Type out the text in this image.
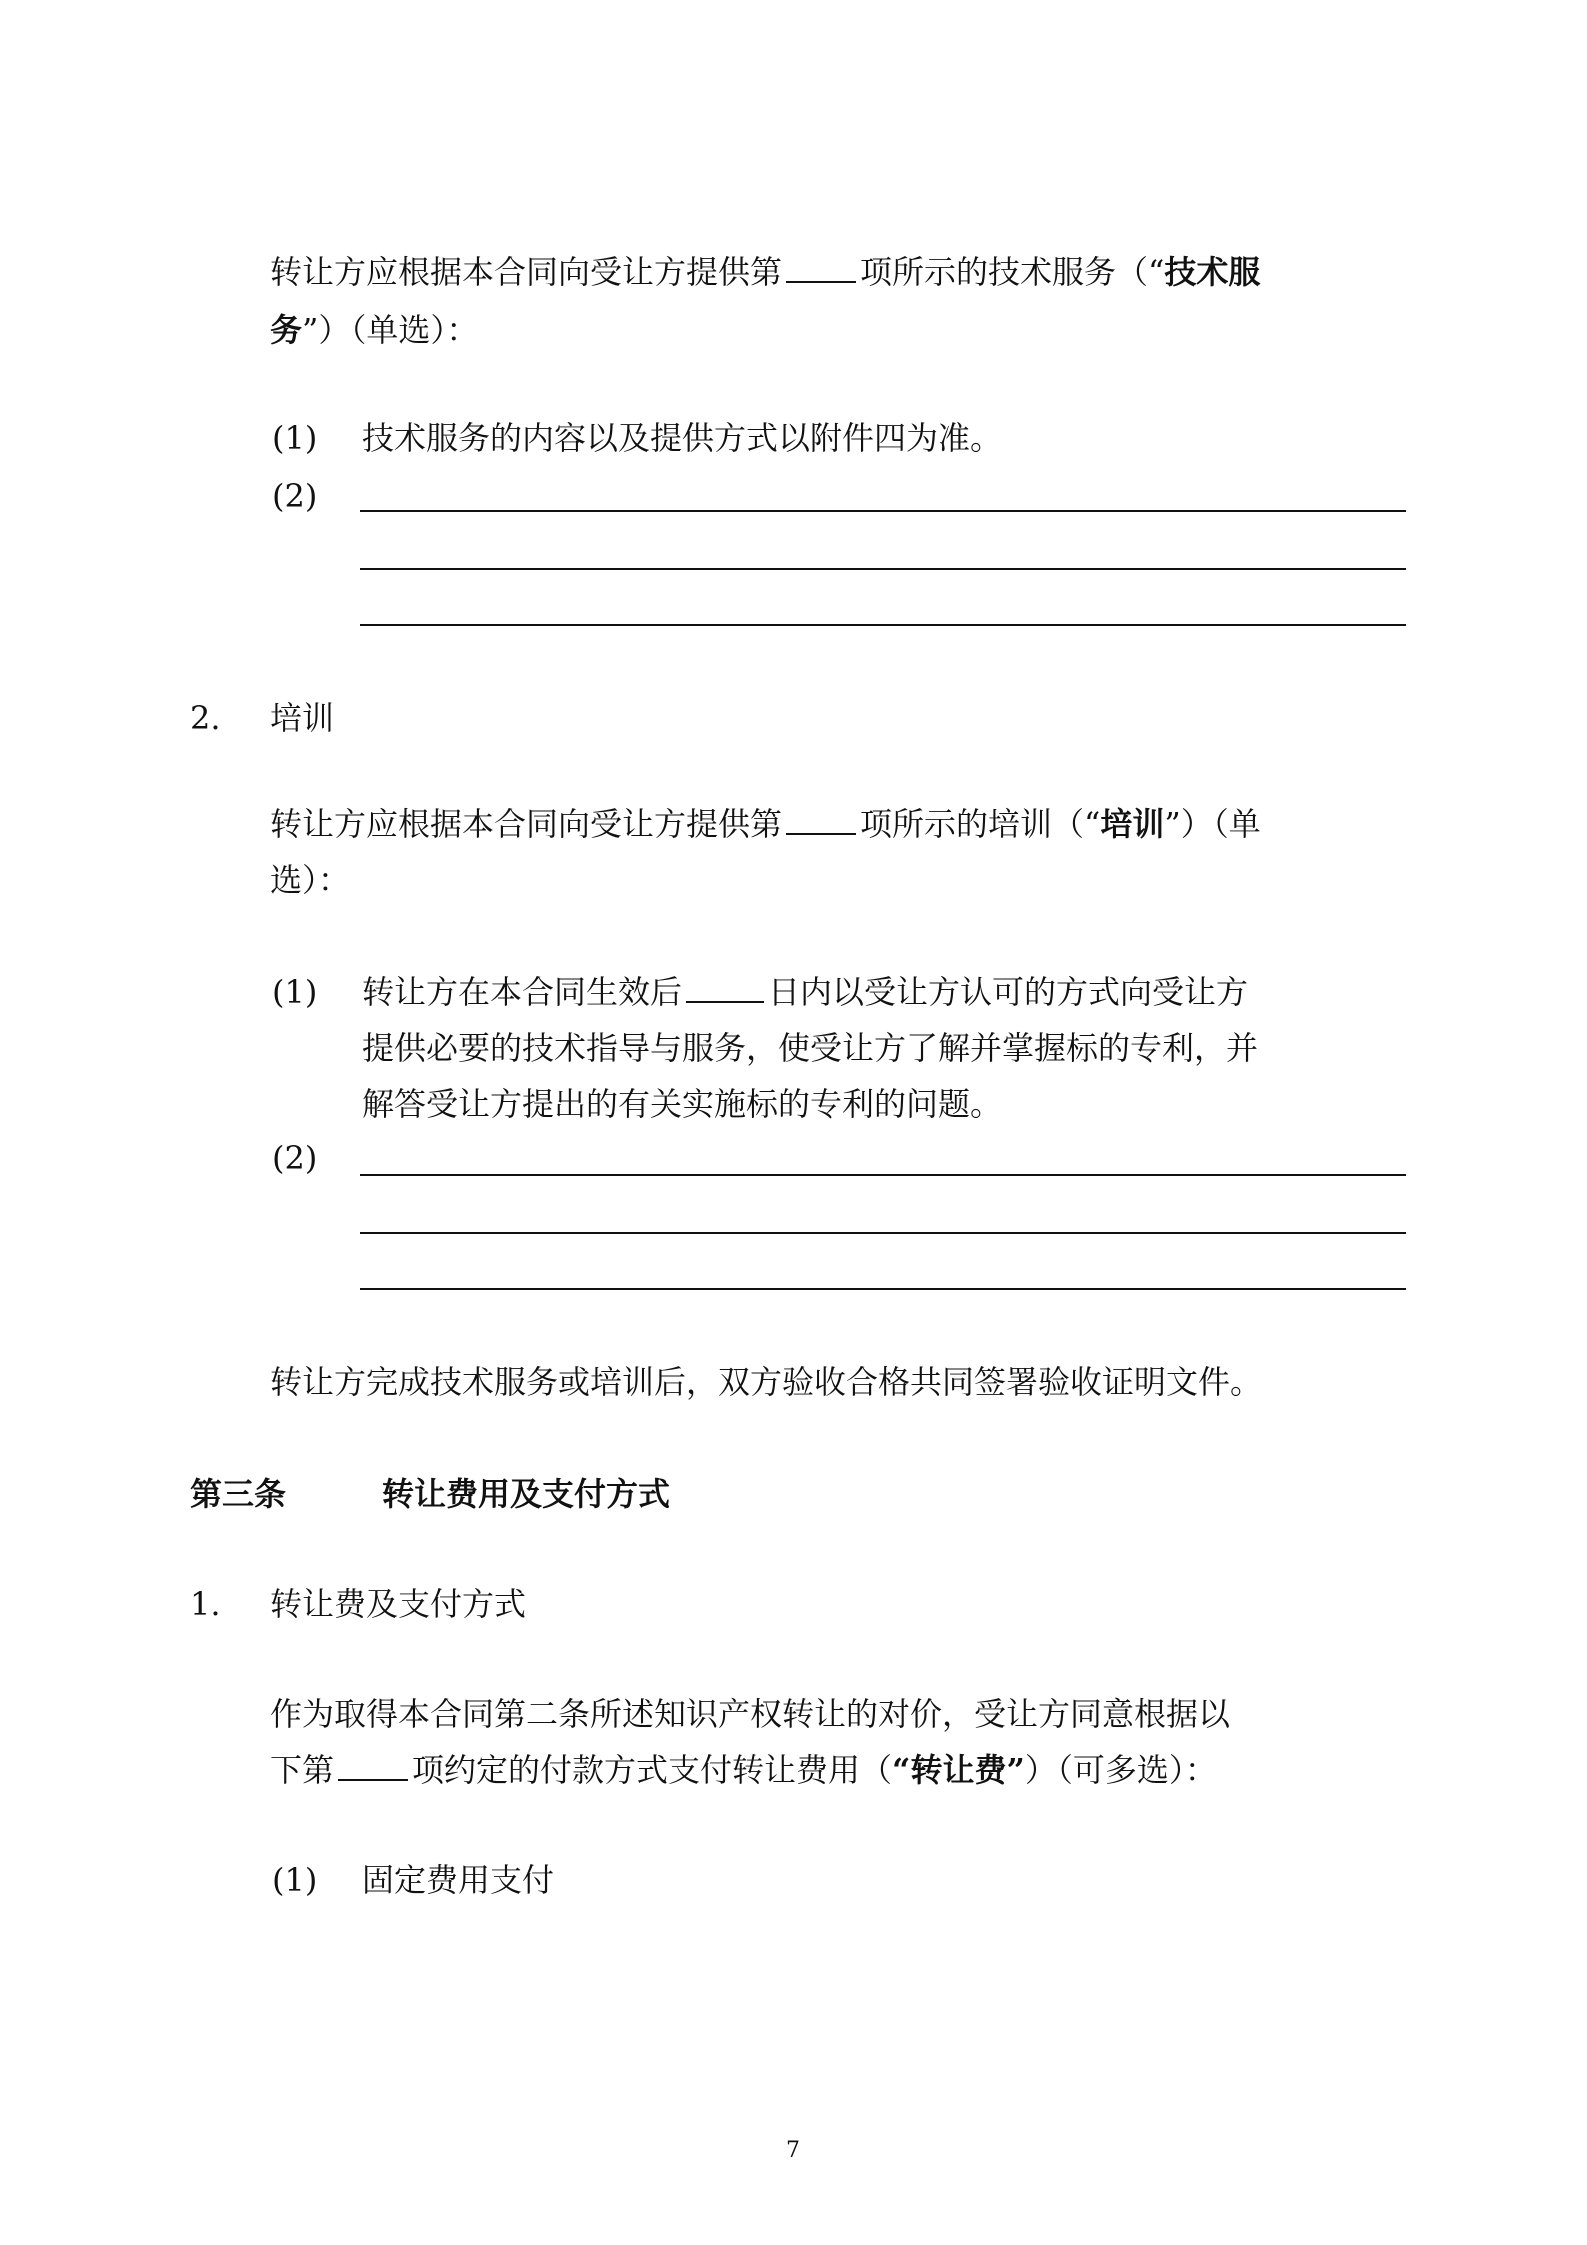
转让方应根据本合同向受让方提供第 项所示的技术服务（“技术服
务”）（单选）：
(1) 技术服务的内容以及提供方式以附件四为准。
(2)
2. 培训
转让方应根据本合同向受让方提供第 项所示的培训（“培训”）（单
选）：
(1) 转让方在本合同生效后	日内以受让方认可的方式向受让方
提供必要的技术指导与服务，使受让方了解并掌握标的专利，并
解答受让方提出的有关实施标的专利的问题。
(2)
转让方完成技术服务或培训后，双方验收合格共同签署验收证明文件。
第三条	转让费用及支付方式
1. 转让费及支付方式
作为取得本合同第二条所述知识产权转让的对价，受让方同意根据以
下第 项约定的付款方式支付转让费用（“转让费”）（可多选）：
(1) 固定费用支付
7
